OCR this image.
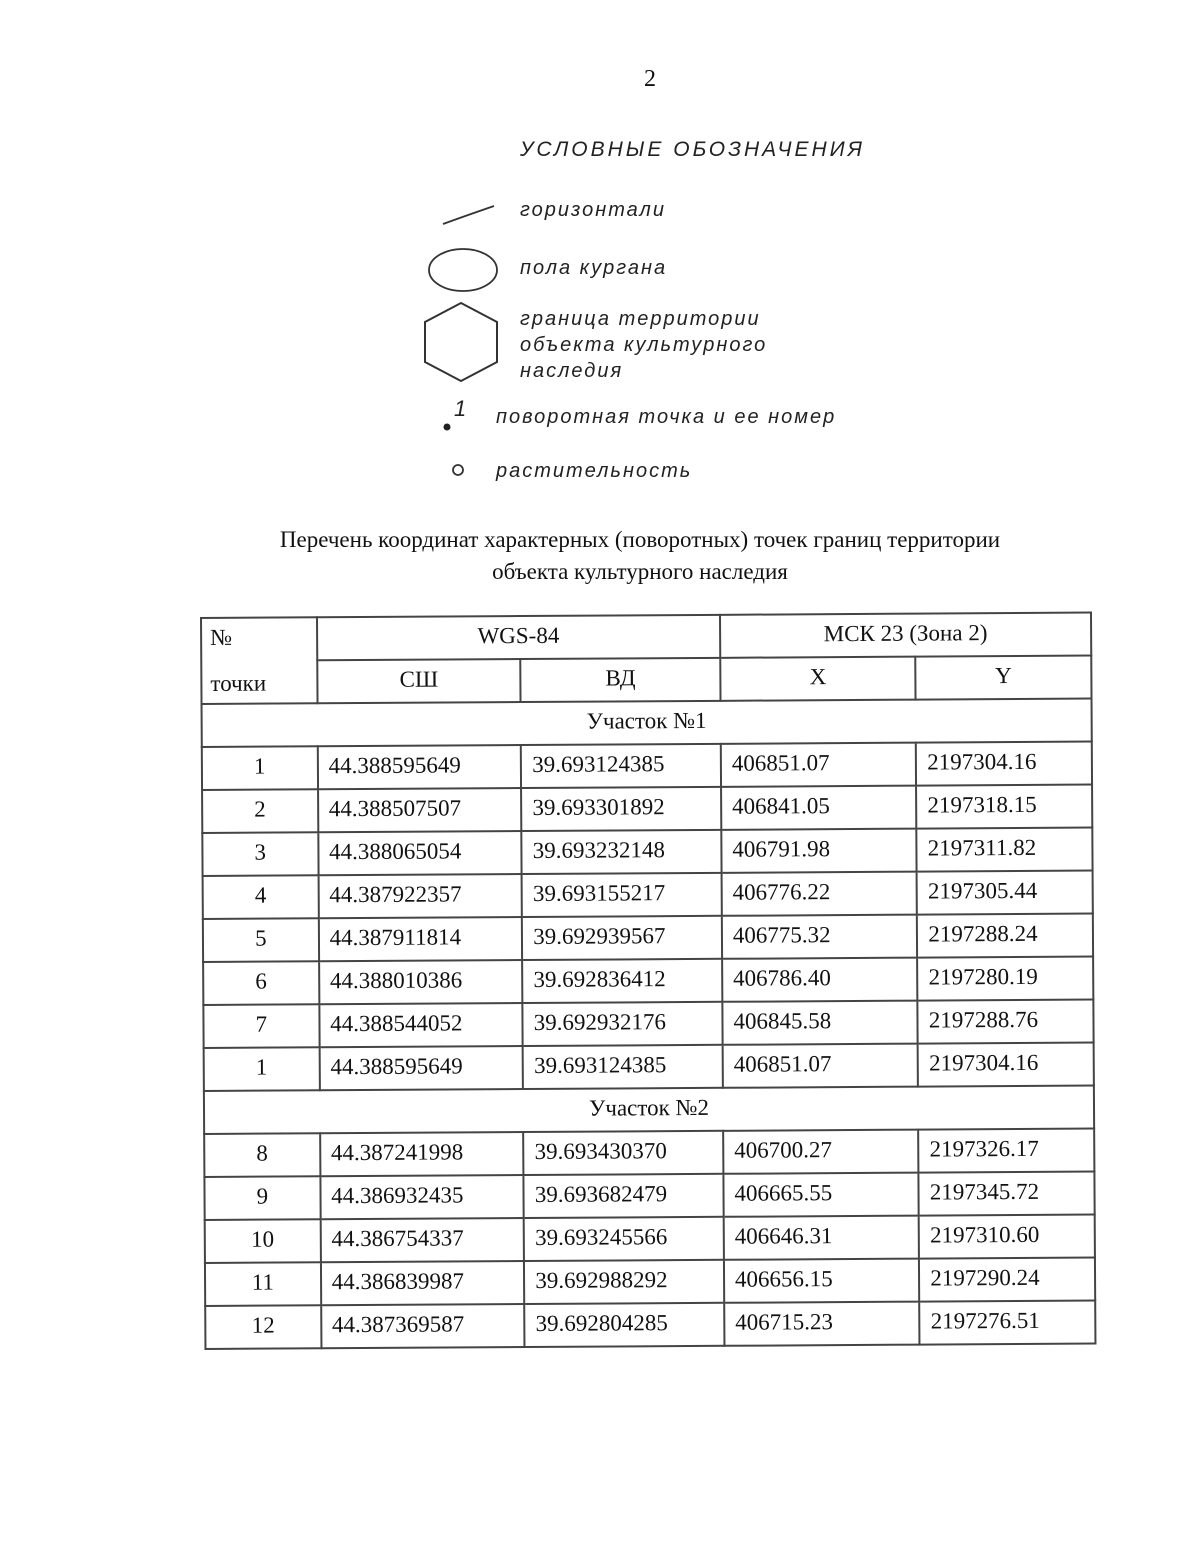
2
УСЛОВНЫЕ ОБОЗНАЧЕНИЯ
горизонтали
пола кургана
граница территории
объекта культурного
наследия
1 поворотная точка и ее номер
растительность
Перечень координат характерных (поворотных) точек границ территории
объекта культурного наследия
№
точки	WGS-84		МСК 23 (Зона 2)	
	СШ	ВД	X	Y
Участок №1				
1	44.388595649	39.693124385	406851.07	2197304.16
2	44.388507507	39.693301892	406841.05	2197318.15
3	44.388065054	39.693232148	406791.98	2197311.82
4	44.387922357	39.693155217	406776.22	2197305.44
5	44.387911814	39.692939567	406775.32	2197288.24
6	44.388010386	39.692836412	406786.40	2197280.19
7	44.388544052	39.692932176	406845.58	2197288.76
1	44.388595649	39.693124385	406851.07	2197304.16
Участок №2				
8	44.387241998	39.693430370	406700.27	2197326.17
9	44.386932435	39.693682479	406665.55	2197345.72
10	44.386754337	39.693245566	406646.31	2197310.60
11	44.386839987	39.692988292	406656.15	2197290.24
12	44.387369587	39.692804285	406715.23	2197276.51
